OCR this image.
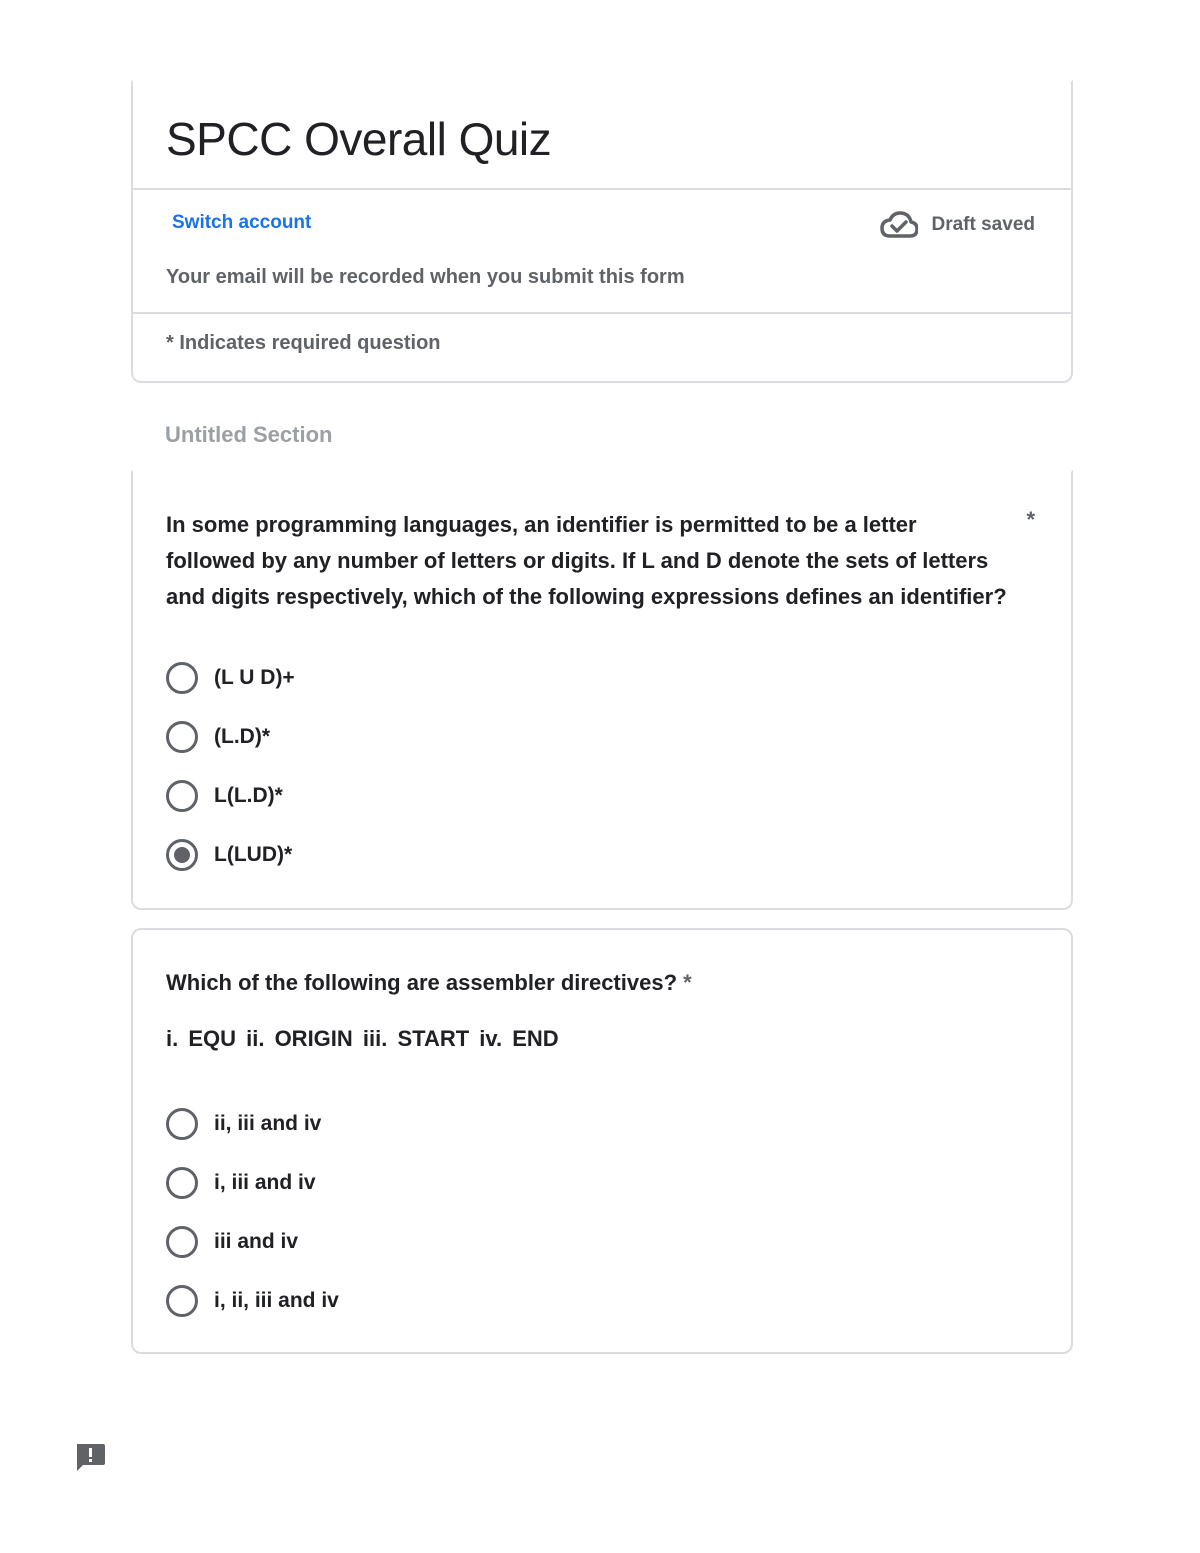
SPCC Overall Quiz
Switch account	Draft saved
Your email will be recorded when you submit this form
* Indicates required question
Untitled Section
In some programming languages, an identifier is permitted to be a letter followed by any number of letters or digits. If L and D denote the sets of letters and digits respectively, which of the following expressions defines an identifier?
*
(L U D)+
(L.D)*
L(L.D)*
L(LUD)*
Which of the following are assembler directives? *
i. EQU ii. ORIGIN iii. START iv. END
ii, iii and iv
i, iii and iv
iii and iv
i, ii, iii and iv
